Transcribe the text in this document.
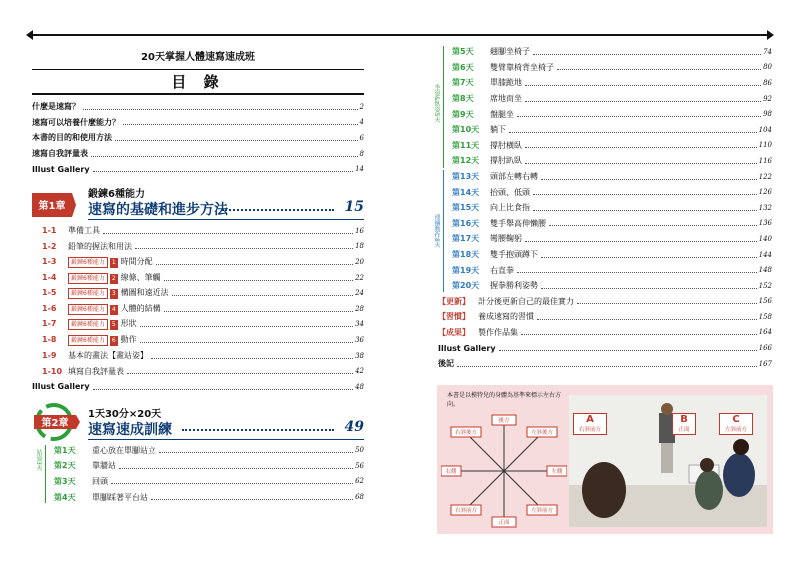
20天掌握人體速寫速成班
目 錄
什麼是速寫？	2
速寫可以培養什麼能力？	4
本書的目的和使用方法	6
速寫自我評量表	8
Illust Gallery	14
第1章
鍛鍊6種能力
速寫的基礎和進步方法	15
1-1 準備工具	16
1-2 鉛筆的握法和用法	18
1-3 鍛鍊6種能力 1 時間分配	20
1-4 鍛鍊6種能力 2 線條、筆觸	22
1-5 鍛鍊6種能力 3 構圖和遠近法	24
1-6 鍛鍊6種能力 4 人體的結構	28
1-7 鍛鍊6種能力 5 形狀	34
1-8 鍛鍊6種能力 6 動作	36
1-9 基本的畫法【畫站姿】	38
1-10 填寫自我評量表	42
Illust Gallery	48
第2章
1天30分×20天
速寫速成訓練	49
站姿3天 第1天 重心放在單腳站立	50
第2天 靠牆站	56
第3天 回頭	62
第4天 單腳踩著平台站	68
坐姿&臥姿5天
連續動作8天
第5天 翹腳坐椅子	74
第6天 雙臂靠椅背坐椅子	80
第7天 單膝跪地	86
第8天 席地而坐	92
第9天 盤腿坐	98
第10天 躺下	104
第11天 撐肘橫臥	110
第12天 撐肘趴臥	116
第13天 頭部左轉右轉	122
第14天 抬頭、低頭	126
第15天 向上比食指	132
第16天 雙手舉高伸懶腰	136
第17天 彎腰鞠躬	140
第18天 雙手抱頭蹲下	144
第19天 右直拳	148
第20天 握拳勝利姿勢	152
【更新】 計分後更新自己的最佳實力	156
【習慣】 養成速寫的習慣	158
【成果】 製作作品集	164
Illust Gallery	166
後記	167
本書是以模特兒的身體為基準來標示左右方向。
後方
右斜後方	左斜後方
右側	左側
右斜前方	左斜前方
正面
A
右斜前方
B
正面
C
左斜前方
